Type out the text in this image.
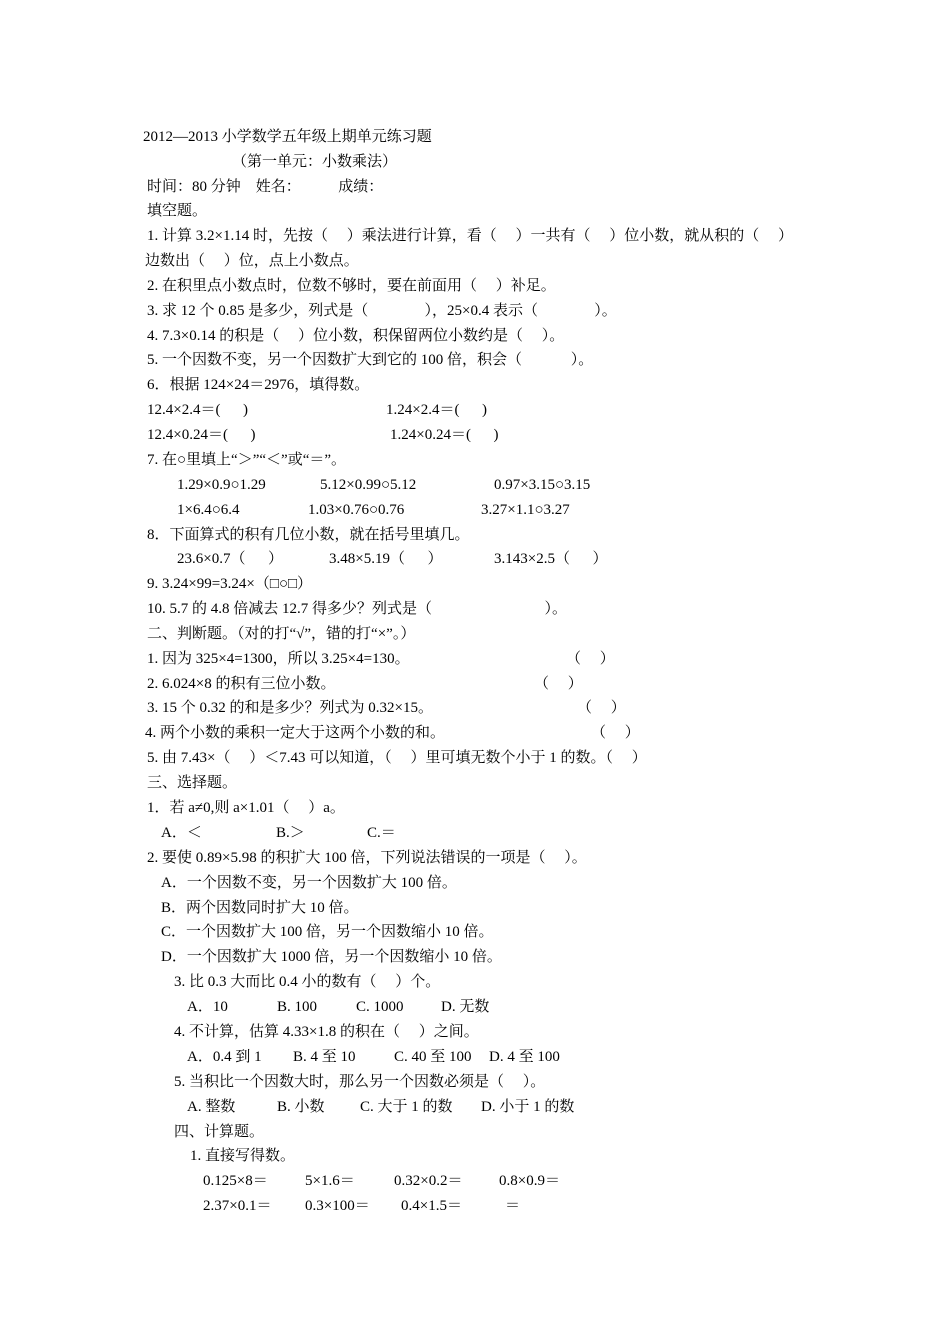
2012—2013 小学数学五年级上期单元练习题
（第一单元：小数乘法）
时间：80 分钟    姓名：          成绩：
填空题。
1. 计算 3.2×1.14 时，先按（     ）乘法进行计算，看（     ）一共有（     ）位小数，就从积的（     ）
边数出（     ）位，点上小数点。
2. 在积里点小数点时，位数不够时，要在前面用（     ）补足。
3. 求 12 个 0.85 是多少，列式是（               ），25×0.4 表示（               ）。
4. 7.3×0.14 的积是（     ）位小数，积保留两位小数约是（     ）。
5. 一个因数不变，另一个因数扩大到它的 100 倍，积会（             ）。
6．根据 124×24＝2976，填得数。
12.4×2.4＝(      )	1.24×2.4＝(      )
12.4×0.24＝(      )	1.24×0.24＝(      )
7. 在○里填上“＞”“＜”或“＝”。
1.29×0.9○1.29	5.12×0.99○5.12	0.97×3.15○3.15
1×6.4○6.4	1.03×0.76○0.76	3.27×1.1○3.27
8．下面算式的积有几位小数，就在括号里填几。
23.6×0.7（      ）	3.48×5.19（      ）	3.143×2.5（      ）
9. 3.24×99=3.24×（□○□）
10. 5.7 的 4.8 倍减去 12.7 得多少？列式是（                              ）。
二、判断题。（对的打“√”，错的打“×”。）
1. 因为 325×4=1300，所以 3.25×4=130。	（     ）
2. 6.024×8 的积有三位小数。	（     ）
3. 15 个 0.32 的和是多少？列式为 0.32×15。	（     ）
4. 两个小数的乘积一定大于这两个小数的和。	（     ）
5. 由 7.43×（     ）＜7.43 可以知道，（     ）里可填无数个小于 1 的数。（     ）
三、选择题。
1．若 a≠0,则 a×1.01（     ）a。
A．＜	B.＞	C.＝
2. 要使 0.89×5.98 的积扩大 100 倍，下列说法错误的一项是（     ）。
A．一个因数不变，另一个因数扩大 100 倍。
B．两个因数同时扩大 10 倍。
C．一个因数扩大 100 倍，另一个因数缩小 10 倍。
D．一个因数扩大 1000 倍，另一个因数缩小 10 倍。
3. 比 0.3 大而比 0.4 小的数有（     ）个。
A．10	B. 100	C. 1000 D. 无数
4. 不计算，估算 4.33×1.8 的积在（     ）之间。
A．0.4 到 1 B. 4 至 10	C. 40 至 100 D. 4 至 100
5. 当积比一个因数大时，那么另一个因数必须是（     ）。
A. 整数	B. 小数 C. 大于 1 的数 D. 小于 1 的数
四、计算题。
1. 直接写得数。
0.125×8＝ 5×1.6＝	0.32×0.2＝ 0.8×0.9＝
2.37×0.1＝ 0.3×100＝ 0.4×1.5＝	＝
